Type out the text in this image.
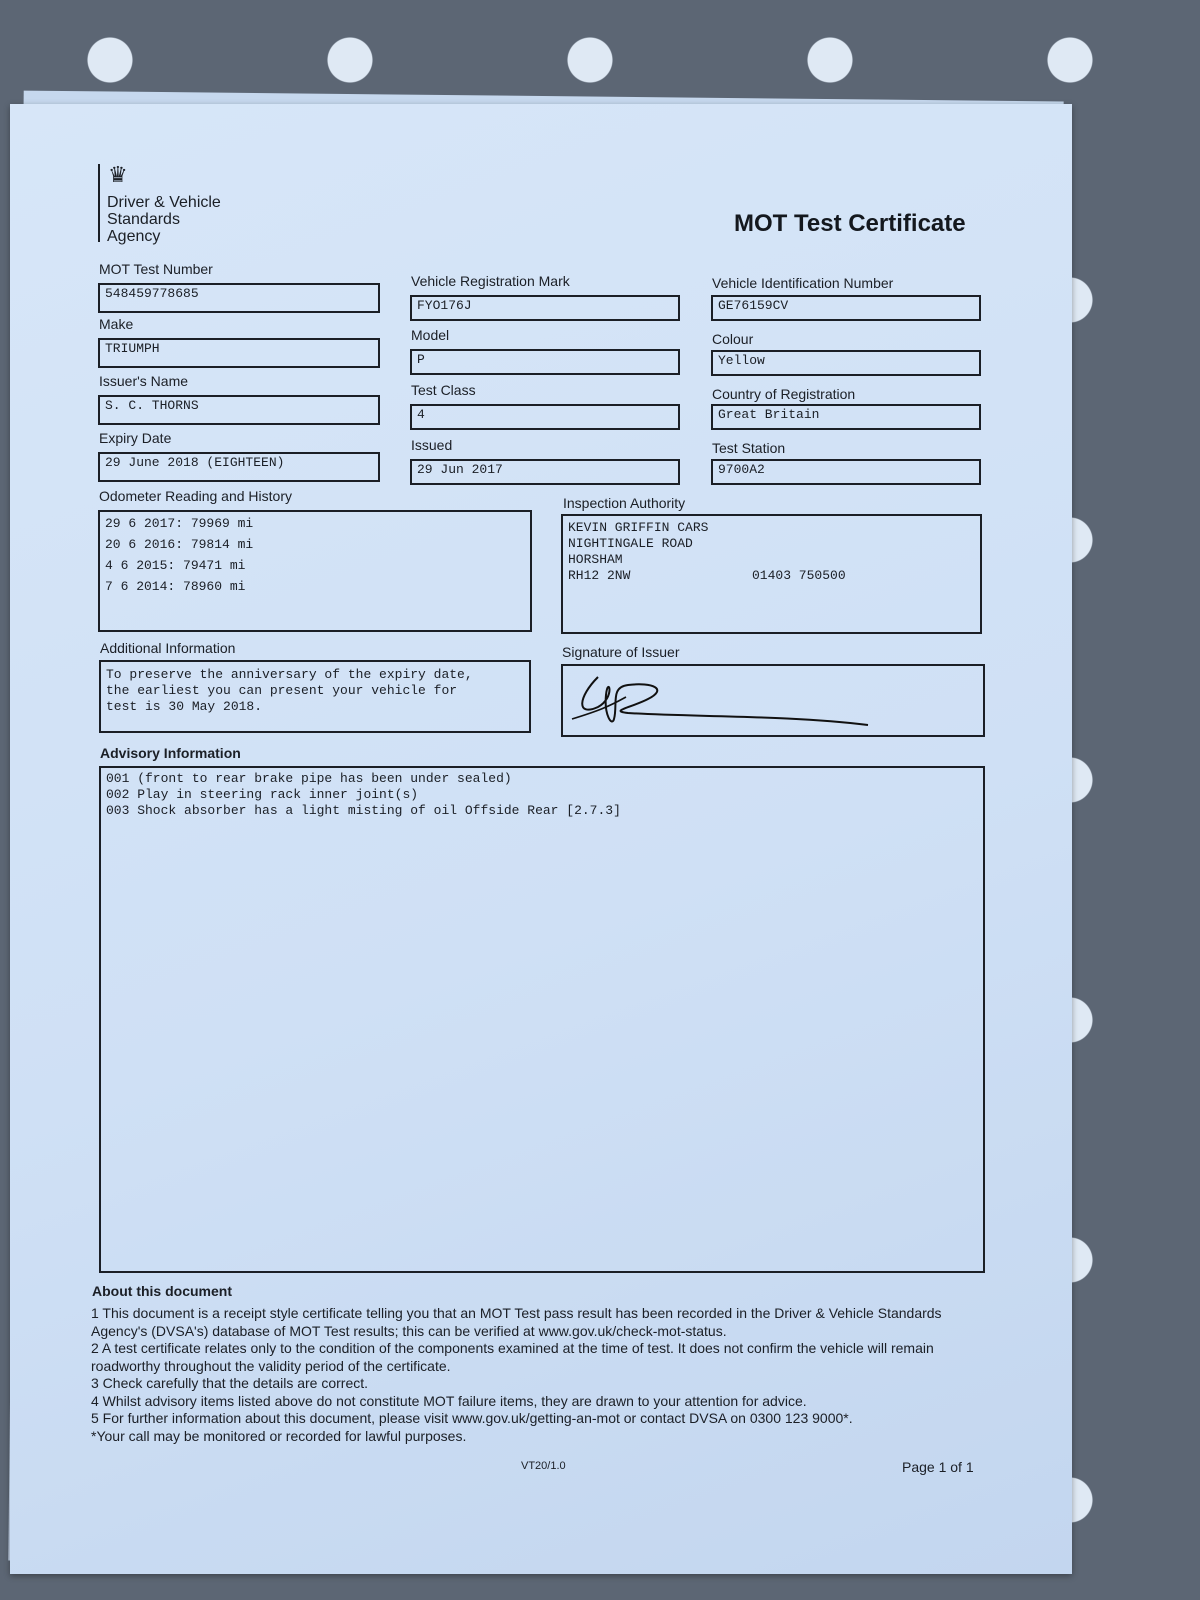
♛
Driver & Vehicle
Standards
Agency	MOT Test Certificate
MOT Test Number
548459778685
Make
TRIUMPH
Issuer's Name
S. C. THORNS
Expiry Date
29 June 2018 (EIGHTEEN)
Vehicle Registration Mark
FYO176J
Model
P
Test Class
4
Issued
29 Jun 2017
Vehicle Identification Number
GE76159CV
Colour
Yellow
Country of Registration
Great Britain
Test Station
9700A2
Odometer Reading and History
29 6 2017: 79969 mi
20 6 2016: 79814 mi
4 6 2015: 79471 mi
7 6 2014: 78960 mi
Inspection Authority
KEVIN GRIFFIN CARS
NIGHTINGALE ROAD
HORSHAM
RH12 2NW	01403 750500
Additional Information
To preserve the anniversary of the expiry date,
the earliest you can present your vehicle for
test is 30 May 2018.
Signature of Issuer
Advisory Information
001 (front to rear brake pipe has been under sealed)
002 Play in steering rack inner joint(s)
003 Shock absorber has a light misting of oil Offside Rear [2.7.3]
About this document
1 This document is a receipt style certificate telling you that an MOT Test pass result has been recorded in the Driver & Vehicle Standards Agency's (DVSA's) database of MOT Test results; this can be verified at www.gov.uk/check-mot-status.
2 A test certificate relates only to the condition of the components examined at the time of test. It does not confirm the vehicle will remain roadworthy throughout the validity period of the certificate.
3 Check carefully that the details are correct.
4 Whilst advisory items listed above do not constitute MOT failure items, they are drawn to your attention for advice.
5 For further information about this document, please visit www.gov.uk/getting-an-mot or contact DVSA on 0300 123 9000*.
*Your call may be monitored or recorded for lawful purposes.
VT20/1.0	Page 1 of 1
